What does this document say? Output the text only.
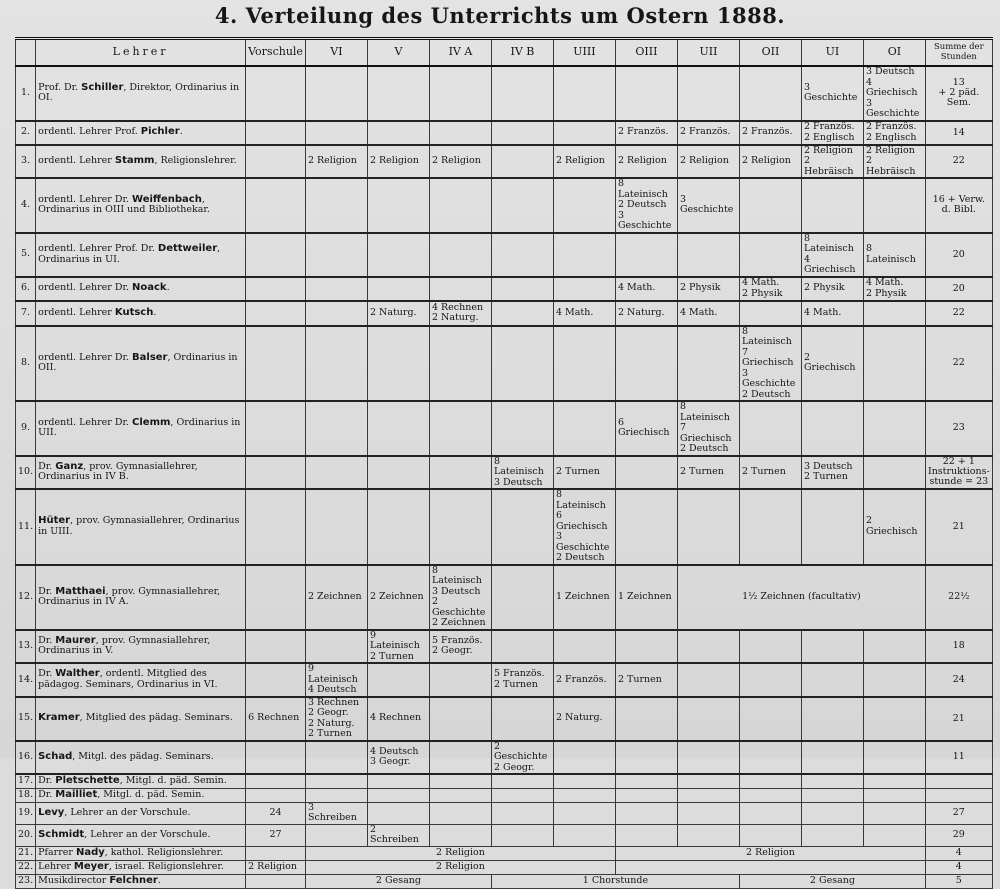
4. Verteilung des Unterrichts um Ostern 1888.
	Lehrer	Vorschule	VI	V	IV A	IV B	UIII	OIII	UII	OII	UI	OI	Summe der Stunden
1.	Prof. Dr. Schiller, Direktor, Ordinarius in OI.										3 Geschichte	3 Deutsch
4 Griechisch
3 Geschichte	13
+ 2 päd.
Sem.
2.	ordentl. Lehrer Prof. Pichler.							2 Französ.	2 Französ.	2 Französ.	2 Französ.
2 Englisch	2 Französ.
2 Englisch	14
3.	ordentl. Lehrer Stamm, Religionslehrer.		2 Religion	2 Religion	2 Religion		2 Religion	2 Religion	2 Religion	2 Religion	2 Religion
2 Hebräisch	2 Religion
2 Hebräisch	22
4.	ordentl. Lehrer Dr. Weiffenbach, Ordinarius in OIII und Bibliothekar.							8 Lateinisch
2 Deutsch
3 Geschichte	3 Geschichte				16 + Verw.
d. Bibl.
5.	ordentl. Lehrer Prof. Dr. Dettweiler, Ordinarius in UI.										8 Lateinisch
4 Griechisch	8 Lateinisch	20
6.	ordentl. Lehrer Dr. Noack.							4 Math.	2 Physik	4 Math.
2 Physik	2 Physik	4 Math.
2 Physik	20
7.	ordentl. Lehrer Kutsch.			2 Naturg.	4 Rechnen
2 Naturg.		4 Math.	2 Naturg.	4 Math.		4 Math.		22
8.	ordentl. Lehrer Dr. Balser, Ordinarius in OII.									8 Lateinisch
7 Griechisch
3 Geschichte
2 Deutsch	2 Griechisch		22
9.	ordentl. Lehrer Dr. Clemm, Ordinarius in UII.							6 Griechisch	8 Lateinisch
7 Griechisch
2 Deutsch				23
10.	Dr. Ganz, prov. Gymnasiallehrer, Ordinarius in IV B.					8 Lateinisch
3 Deutsch	2 Turnen		2 Turnen	2 Turnen	3 Deutsch
2 Turnen		22 + 1 Instruktions-
stunde = 23
11.	Hüter, prov. Gymnasiallehrer, Ordinarius in UIII.						8 Lateinisch
6 Griechisch
3 Geschichte
2 Deutsch					2 Griechisch	21
12.	Dr. Matthaei, prov. Gymnasiallehrer, Ordinarius in IV A.		2 Zeichnen	2 Zeichnen	8 Lateinisch
3 Deutsch
2 Geschichte
2 Zeichnen		1 Zeichnen	1 Zeichnen	1½ Zeichnen (facultativ)				22½
13.	Dr. Maurer, prov. Gymnasiallehrer, Ordinarius in V.			9 Lateinisch
2 Turnen	5 Französ.
2 Geogr.								18
14.	Dr. Walther, ordentl. Mitglied des pädagog. Seminars, Ordinarius in VI.		9 Lateinisch
4 Deutsch			5 Französ.
2 Turnen	2 Französ.	2 Turnen					24
15.	Kramer, Mitglied des pädag. Seminars.	6 Rechnen	3 Rechnen
2 Geogr.
2 Naturg.
2 Turnen	4 Rechnen			2 Naturg.						21
16.	Schad, Mitgl. des pädag. Seminars.			4 Deutsch
3 Geogr.		2 Geschichte
2 Geogr.							11
17.	Dr. Pletschette, Mitgl. d. päd. Semin.												
18.	Dr. Mailliet, Mitgl. d. päd. Semin.												
19.	Levy, Lehrer an der Vorschule.	24	3 Schreiben										27
20.	Schmidt, Lehrer an der Vorschule.	27		2 Schreiben									29
21.	Pfarrer Nady, kathol. Religionslehrer.		2 Religion					2 Religion					4
22.	Lehrer Meyer, israel. Religionslehrer.	2 Religion	2 Religion										4
23.	Musikdirector Felchner.		2 Gesang			1 Chorstunde				2 Gesang			5
